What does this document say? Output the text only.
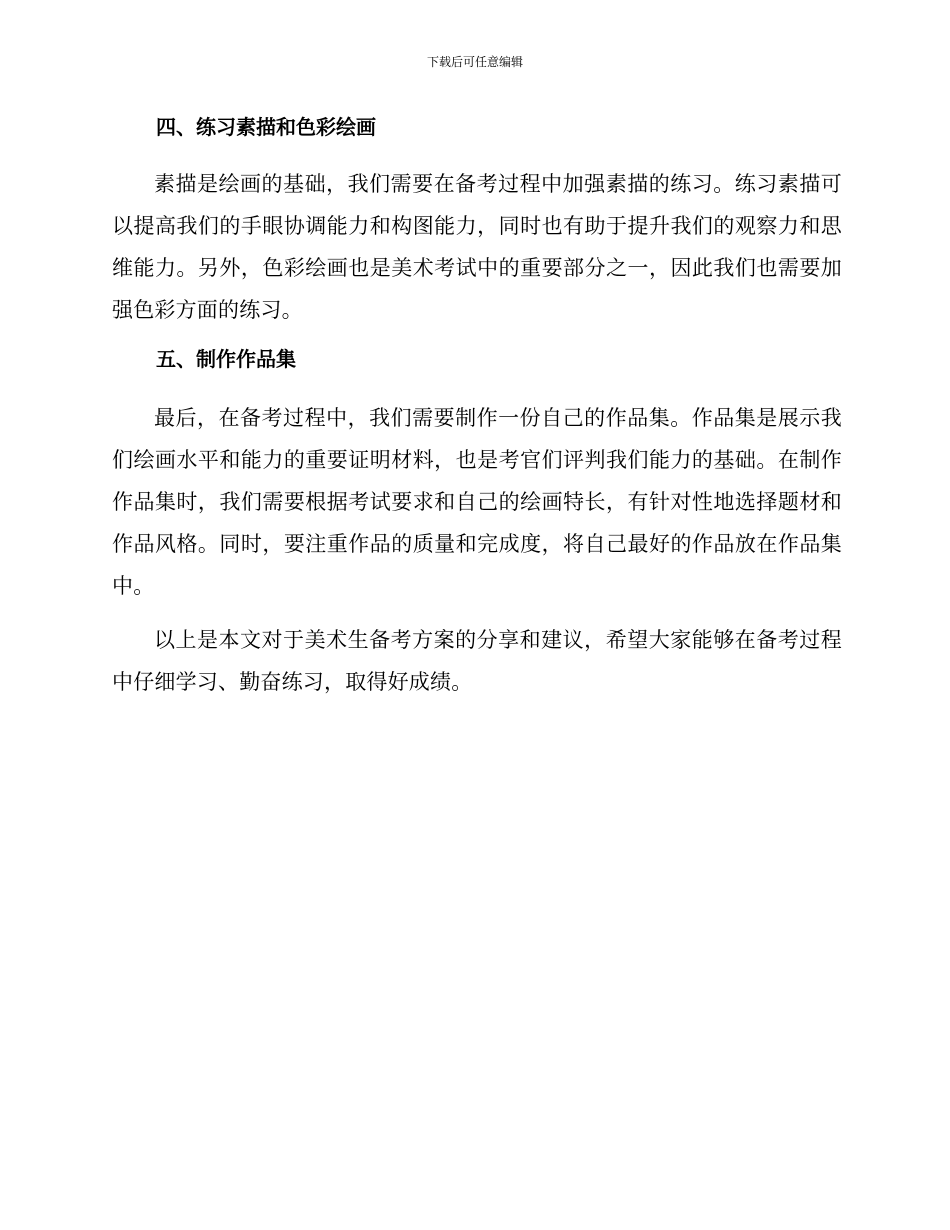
下载后可任意编辑
四、练习素描和色彩绘画

素描是绘画的基础，我们需要在备考过程中加强素描的练习。练习素描可以提高我们的手眼协调能力和构图能力，同时也有助于提升我们的观察力和思维能力。另外，色彩绘画也是美术考试中的重要部分之一，因此我们也需要加强色彩方面的练习。

五、制作作品集

最后，在备考过程中，我们需要制作一份自己的作品集。作品集是展示我们绘画水平和能力的重要证明材料，也是考官们评判我们能力的基础。在制作作品集时，我们需要根据考试要求和自己的绘画特长，有针对性地选择题材和作品风格。同时，要注重作品的质量和完成度，将自己最好的作品放在作品集中。

以上是本文对于美术生备考方案的分享和建议，希望大家能够在备考过程中仔细学习、勤奋练习，取得好成绩。
